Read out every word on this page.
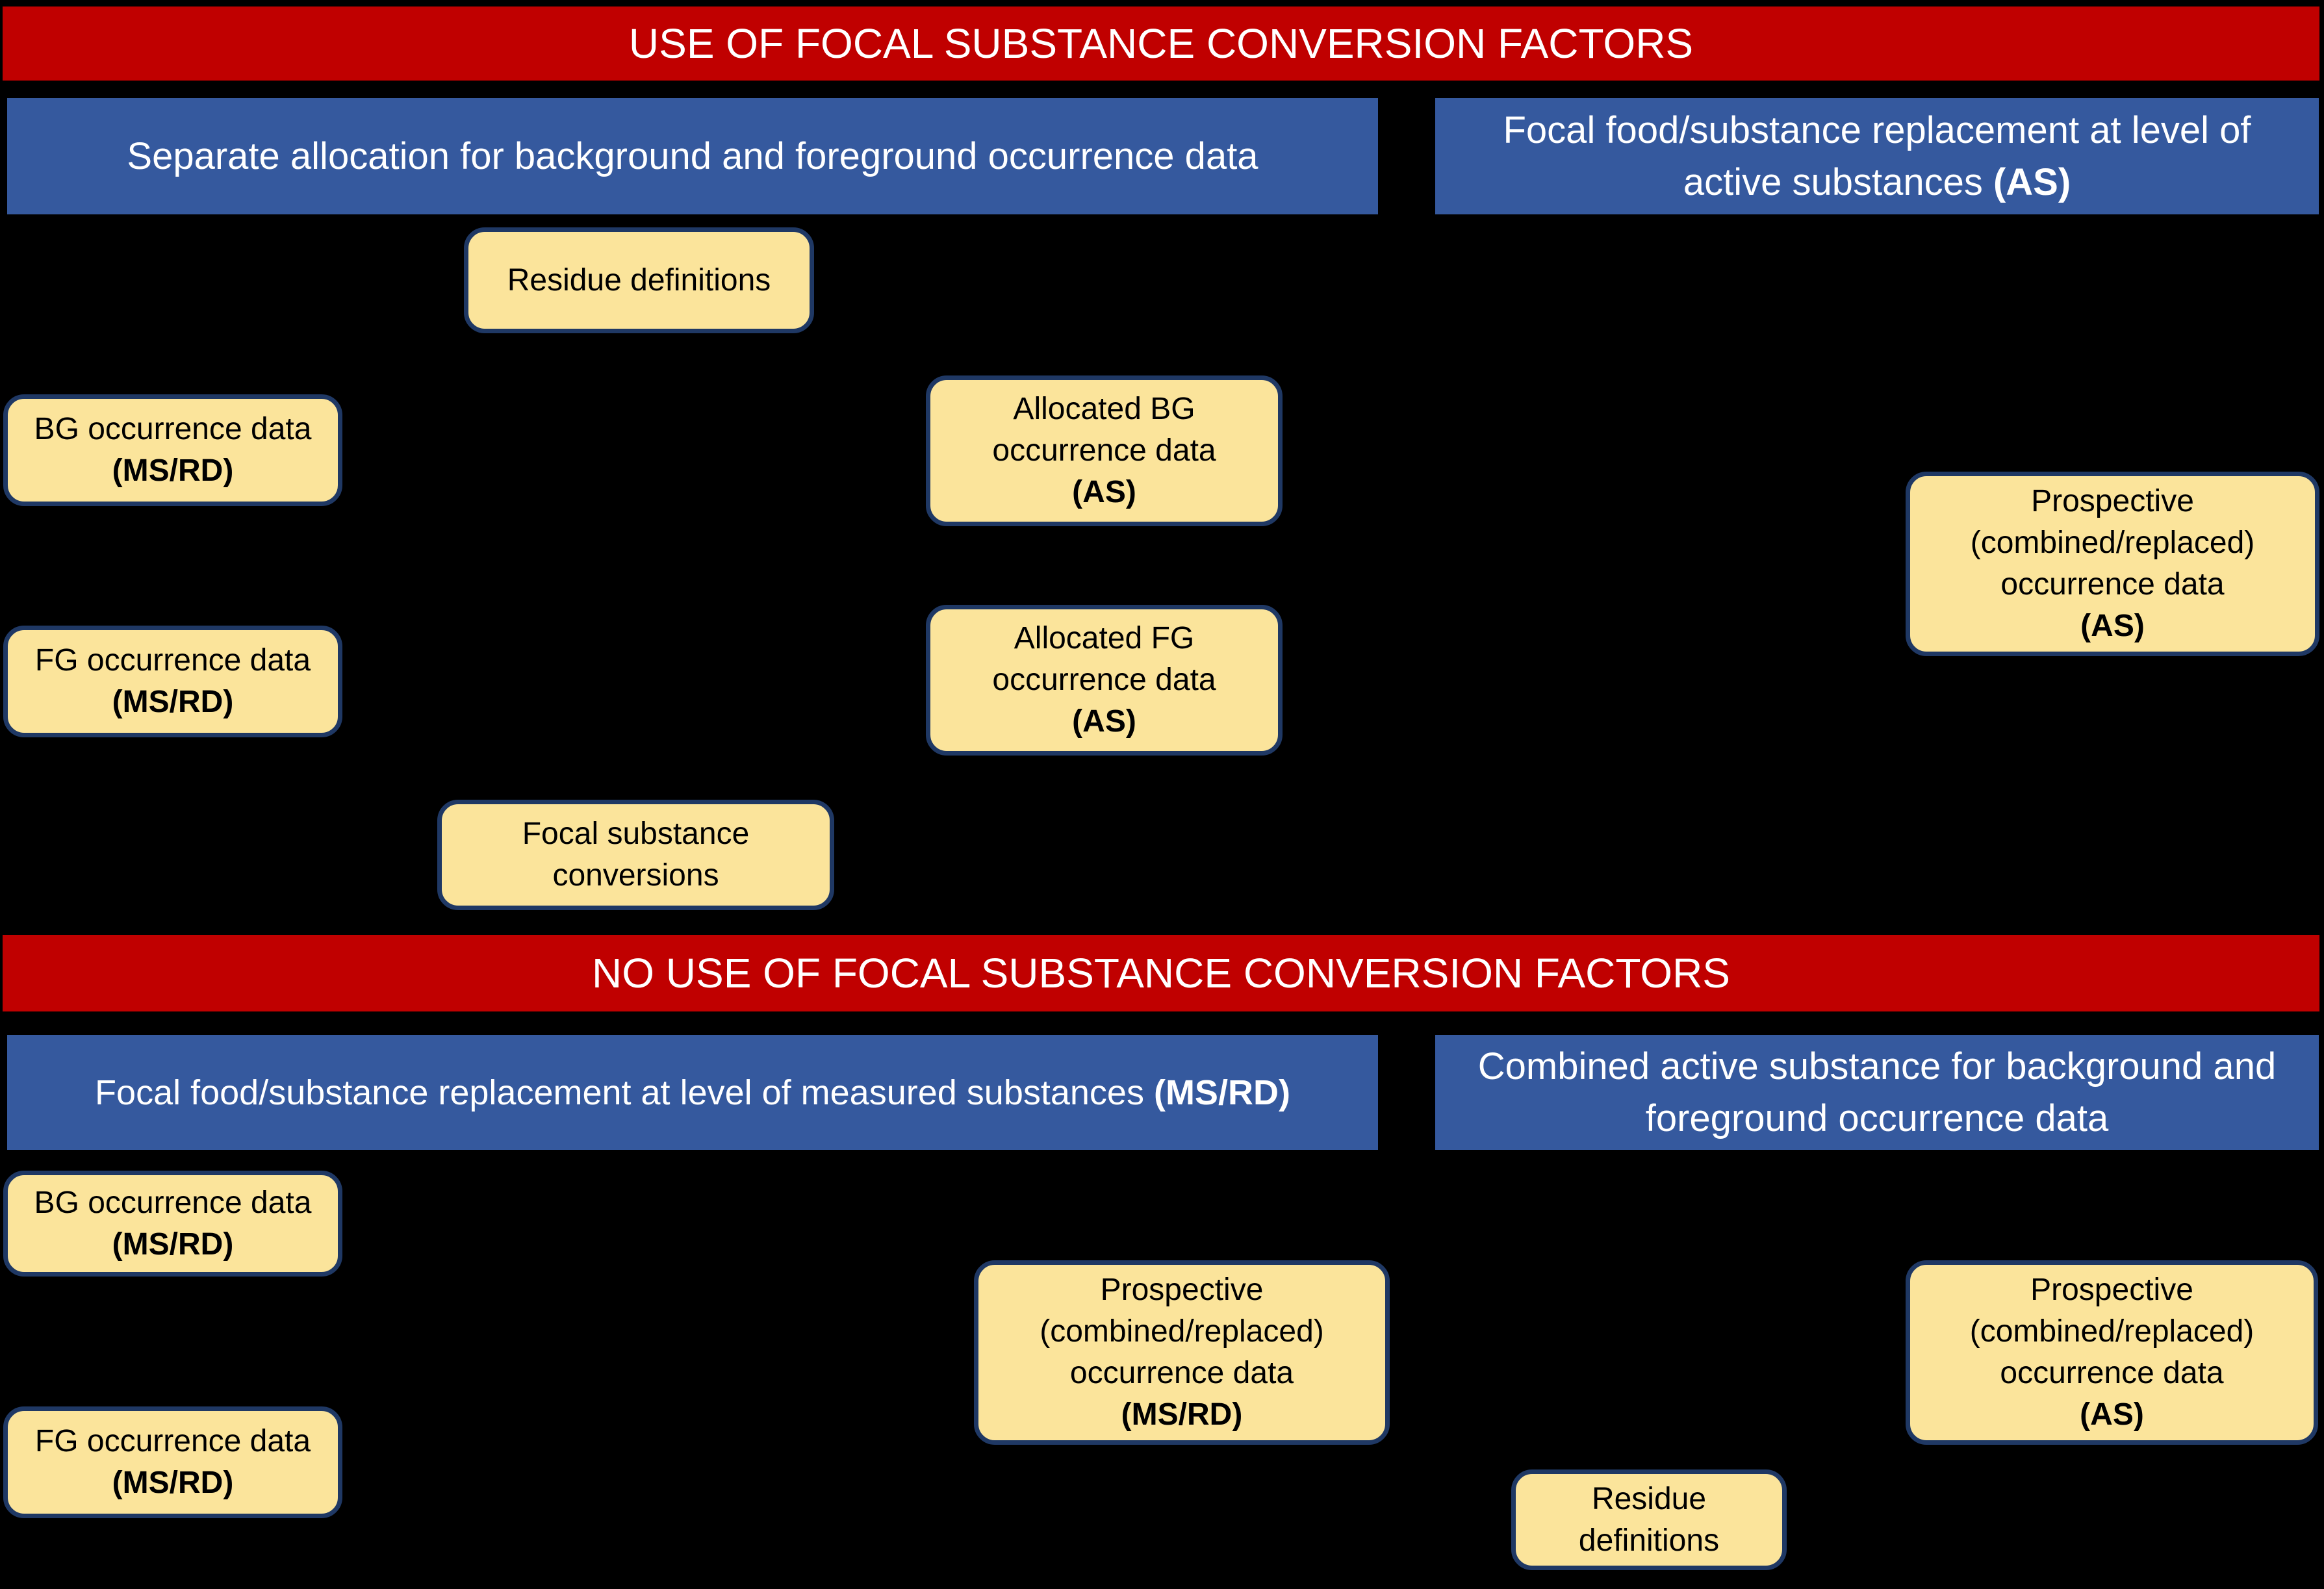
USE OF FOCAL SUBSTANCE CONVERSION FACTORS
Separate allocation for background and foreground occurrence data
Focal food/substance replacement at level of
active substances (AS)
Residue definitions
BG occurrence data
(MS/RD)
Allocated BG
occurrence data
(AS)	Prospective
(combined/replaced)
occurrence data
(AS)
FG occurrence data
(MS/RD)
Allocated FG
occurrence data
(AS)
Focal substance
conversions
NO USE OF FOCAL SUBSTANCE CONVERSION FACTORS
Focal food/substance replacement at level of measured substances (MS/RD)
Combined active substance for background and
foreground occurrence data
BG occurrence data
(MS/RD)
Prospective
(combined/replaced)
occurrence data
(MS/RD)
Prospective
(combined/replaced)
occurrence data
(AS)
FG occurrence data
(MS/RD)	Residue
definitions
